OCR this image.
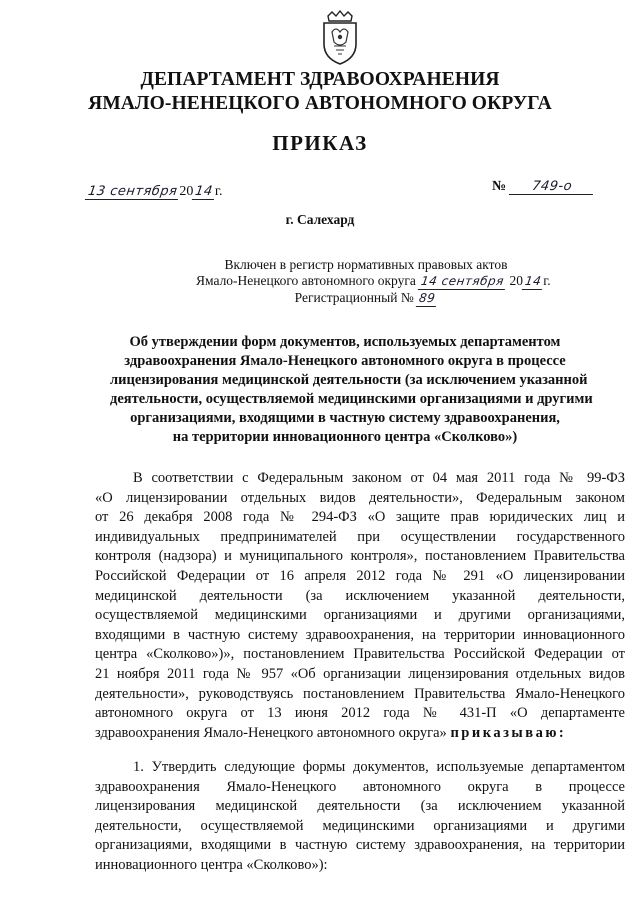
ДЕПАРТАМЕНТ ЗДРАВООХРАНЕНИЯ
ЯМАЛО-НЕНЕЦКОГО АВТОНОМНОГО ОКРУГА
ПРИКАЗ
13 сентября2014г.	№ 749-о
г. Салехард
Включен в регистр нормативных правовых актов
Ямало-Ненецкого автономного округа 14 сентября 2014г.
Регистрационный № 89
Об утверждении форм документов, используемых департаментом
здравоохранения Ямало-Ненецкого автономного округа в процессе
лицензирования медицинской деятельности (за исключением указанной
деятельности, осуществляемой медицинскими организациями и другими
организациями, входящими в частную систему здравоохранения,
на территории инновационного центра «Сколково»)
В соответствии с Федеральным законом от 04 мая 2011 года № 99-ФЗ
«О лицензировании отдельных видов деятельности», Федеральным законом
от 26 декабря 2008 года № 294-ФЗ «О защите прав юридических лиц и
индивидуальных предпринимателей при осуществлении государственного
контроля (надзора) и муниципального контроля», постановлением Правительства
Российской Федерации от 16 апреля 2012 года № 291 «О лицензировании
медицинской деятельности (за исключением указанной деятельности,
осуществляемой медицинскими организациями и другими организациями,
входящими в частную систему здравоохранения, на территории инновационного
центра «Сколково»)», постановлением Правительства Российской Федерации от
21 ноября 2011 года № 957 «Об организации лицензирования отдельных видов
деятельности», руководствуясь постановлением Правительства Ямало-Ненецкого
автономного округа от 13 июня 2012 года № 431-П «О департаменте
здравоохранения Ямало-Ненецкого автономного округа» приказываю:
1. Утвердить следующие формы документов, используемые департаментом
здравоохранения Ямало-Ненецкого автономного округа в процессе
лицензирования медицинской деятельности (за исключением указанной
деятельности, осуществляемой медицинскими организациями и другими
организациями, входящими в частную систему здравоохранения, на территории
инновационного центра «Сколково»):
